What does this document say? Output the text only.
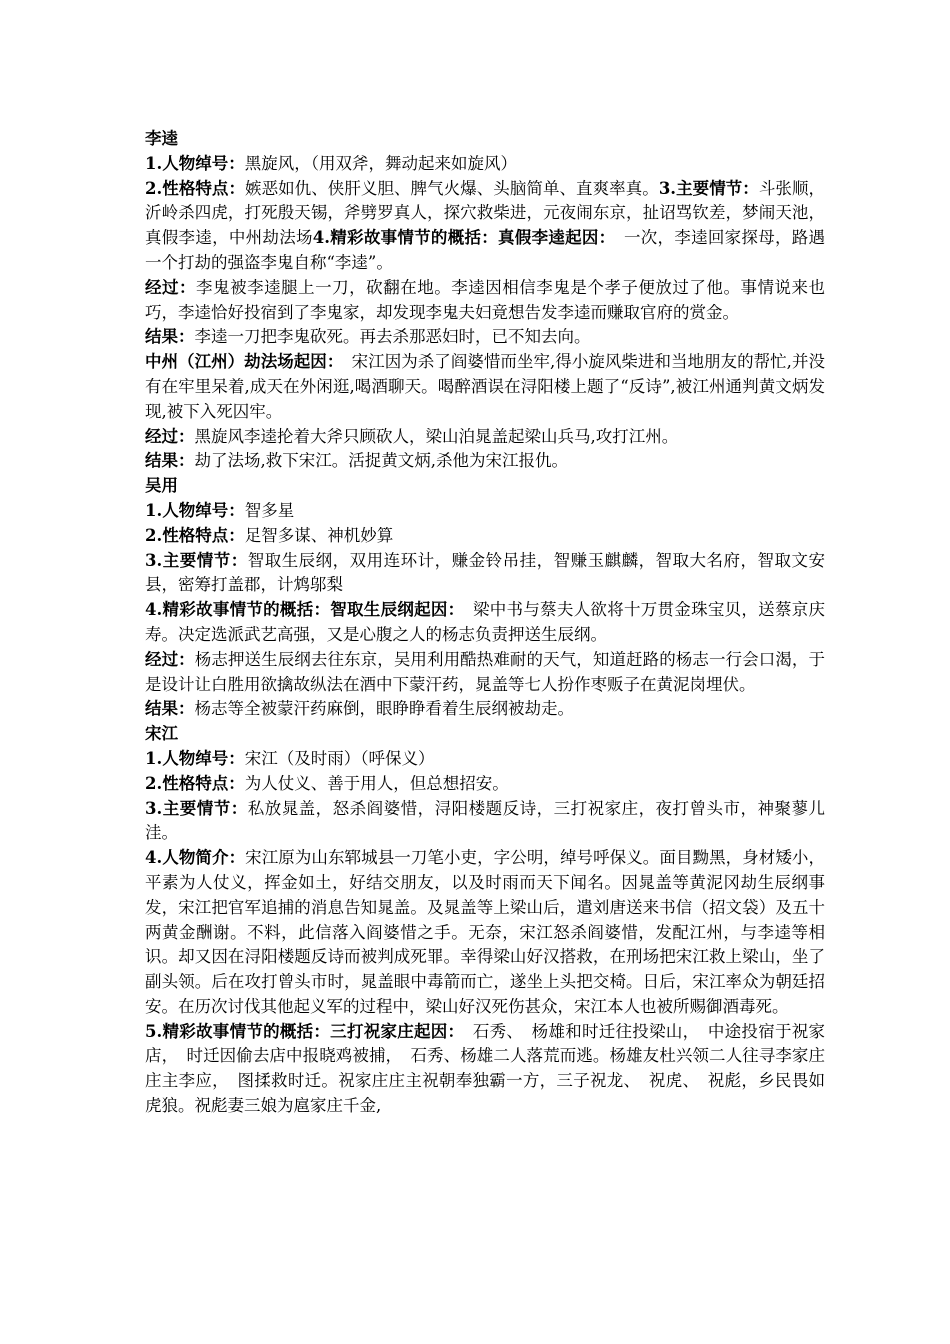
李逵

1.人物绰号：黑旋风，（用双斧，舞动起来如旋风）

2.性格特点：嫉恶如仇、侠肝义胆、脾气火爆、头脑简单、直爽率真。3.主要情节：斗张顺，沂岭杀四虎，打死殷天锡，斧劈罗真人，探穴救柴进，元夜闹东京，扯诏骂钦差，梦闹天池，真假李逵，中州劫法场4.精彩故事情节的概括：真假李逵起因：　一次，李逵回家探母，路遇一个打劫的强盗李鬼自称“李逵”。

经过：李鬼被李逵腿上一刀，砍翻在地。李逵因相信李鬼是个孝子便放过了他。事情说来也巧，李逵恰好投宿到了李鬼家，却发现李鬼夫妇竟想告发李逵而赚取官府的赏金。

结果：李逵一刀把李鬼砍死。再去杀那恶妇时，已不知去向。

中州（江州）劫法场起因：　宋江因为杀了阎婆惜而坐牢,得小旋风柴进和当地朋友的帮忙,并没有在牢里呆着,成天在外闲逛,喝酒聊天。喝醉酒误在浔阳楼上题了“反诗”,被江州通判黄文炳发现,被下入死囚牢。

经过：黑旋风李逵抡着大斧只顾砍人，梁山泊晁盖起梁山兵马,攻打江州。

结果：劫了法场,救下宋江。活捉黄文炳,杀他为宋江报仇。

吴用

1.人物绰号：智多星

2.性格特点：足智多谋、神机妙算

3.主要情节：智取生辰纲，双用连环计，赚金铃吊挂，智赚玉麒麟，智取大名府，智取文安县，密筹打盖郡，计鸩邬梨

4.精彩故事情节的概括：智取生辰纲起因：　梁中书与蔡夫人欲将十万贯金珠宝贝，送蔡京庆寿。决定选派武艺高强，又是心腹之人的杨志负责押送生辰纲。

经过：杨志押送生辰纲去往东京，吴用利用酷热难耐的天气，知道赶路的杨志一行会口渴，于是设计让白胜用欲擒故纵法在酒中下蒙汗药，晁盖等七人扮作枣贩子在黄泥岗埋伏。

结果：杨志等全被蒙汗药麻倒，眼睁睁看着生辰纲被劫走。

宋江

1.人物绰号：宋江（及时雨）（呼保义）

2.性格特点：为人仗义、善于用人，但总想招安。

3.主要情节：私放晁盖，怒杀阎婆惜，浔阳楼题反诗，三打祝家庄，夜打曾头市，神聚蓼儿洼。

4.人物简介：宋江原为山东郓城县一刀笔小吏，字公明，绰号呼保义。面目黝黑，身材矮小，平素为人仗义，挥金如土，好结交朋友，以及时雨而天下闻名。因晁盖等黄泥冈劫生辰纲事发，宋江把官军追捕的消息告知晁盖。及晁盖等上梁山后，遣刘唐送来书信（招文袋）及五十两黄金酬谢。不料，此信落入阎婆惜之手。无奈，宋江怒杀阎婆惜，发配江州，与李逵等相识。却又因在浔阳楼题反诗而被判成死罪。幸得梁山好汉搭救，在刑场把宋江救上梁山，坐了副头领。后在攻打曾头市时，晁盖眼中毒箭而亡，遂坐上头把交椅。日后，宋江率众为朝廷招安。在历次讨伐其他起义军的过程中，梁山好汉死伤甚众，宋江本人也被所赐御酒毒死。

5.精彩故事情节的概括：三打祝家庄起因：　石秀、　杨雄和时迁往投梁山，　中途投宿于祝家店，　时迁因偷去店中报晓鸡被捕，　石秀、杨雄二人落荒而逃。杨雄友杜兴领二人往寻李家庄庄主李应，　图揉救时迁。祝家庄庄主祝朝奉独霸一方，三子祝龙、　祝虎、　祝彪，乡民畏如虎狼。祝彪妻三娘为扈家庄千金,
